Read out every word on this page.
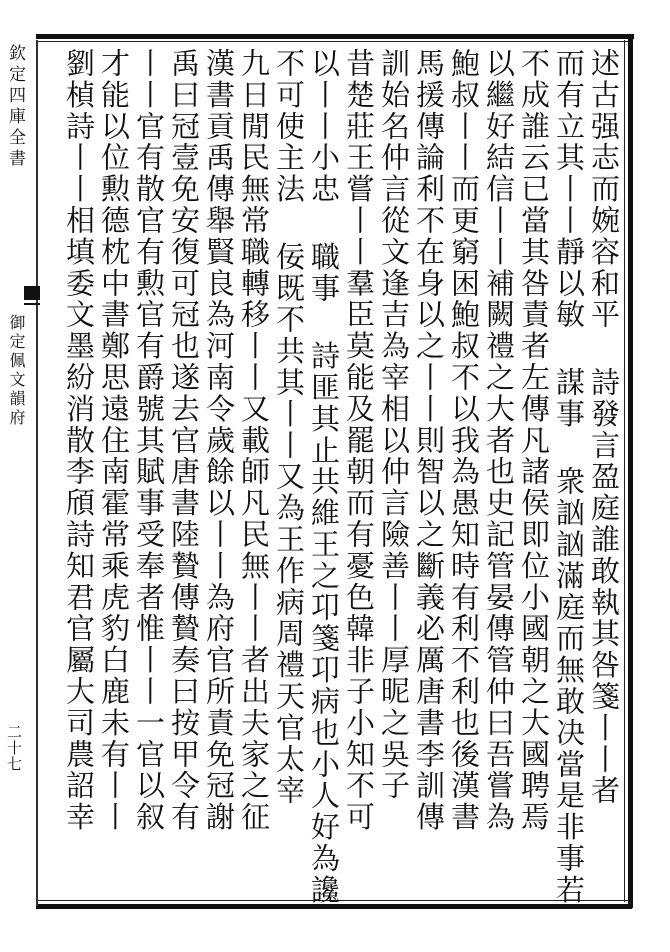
欽定四庫全書
御定佩文韻府
二十七	述古强志而婉容和平 詩發言盈庭誰敢執其咎箋丨丨者
而有立其丨丨靜以敏 謀事 衆訩訩滿庭而無敢决當是非事若
不成誰云已當其咎責者左傳凡諸侯即位小國朝之大國聘焉
以繼好結信丨丨補闕禮之大者也史記管晏傳管仲曰吾嘗為
鮑叔丨丨而更窮困鮑叔不以我為愚知時有利不利也後漢書
馬援傳論利不在身以之丨丨則智以之斷義必厲唐書李訓傳
訓始名仲言從文逢吉為宰相以仲言險善丨丨厚昵之吳子
昔楚莊王嘗丨丨羣臣莫能及罷朝而有憂色韓非子小知不可
以丨丨小忠 職事 詩匪其止共維王之卭箋卭病也小人好為讒
不可使主法 佞既不共其丨丨又為王作病周禮天官太宰
九日閒民無常職轉移丨丨又載師凡民無丨丨者出夫家之征
漢書貢禹傳舉賢良為河南令歲餘以丨丨為府官所責免冠謝
禹曰冠壹免安復可冠也遂去官唐書陸贄傳贄奏曰按甲令有
丨丨官有散官有勲官有爵號其賦事受奉者惟丨丨一官以叙
才能以位勲德枕中書鄭思遠住南霍常乘虎豹白鹿未有丨丨
劉楨詩丨丨相填委文墨紛消散李頎詩知君官屬大司農詔幸
